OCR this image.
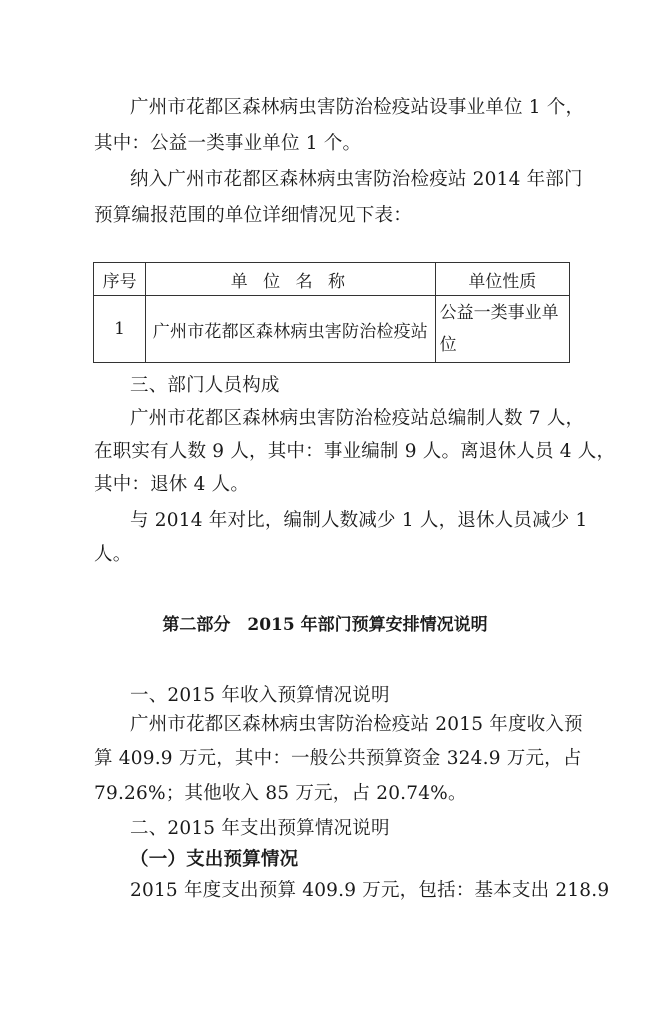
广州市花都区森林病虫害防治检疫站设事业单位 1 个，
其中：公益一类事业单位 1 个。
纳入广州市花都区森林病虫害防治检疫站 2014 年部门
预算编报范围的单位详细情况见下表：
序号	单 位 名 称	单位性质
1	广州市花都区森林病虫害防治检疫站	公益一类事业单位
三、部门人员构成
广州市花都区森林病虫害防治检疫站总编制人数 7 人，
在职实有人数 9 人，其中：事业编制 9 人。离退休人员 4 人，
其中：退休 4 人。
与 2014 年对比，编制人数减少 1 人，退休人员减少 1
人。
第二部分　2015 年部门预算安排情况说明
一、2015 年收入预算情况说明
广州市花都区森林病虫害防治检疫站 2015 年度收入预
算 409.9 万元，其中：一般公共预算资金 324.9 万元，占
79.26%；其他收入 85 万元，占 20.74%。
二、2015 年支出预算情况说明
（一）支出预算情况
2015 年度支出预算 409.9 万元，包括：基本支出 218.9
